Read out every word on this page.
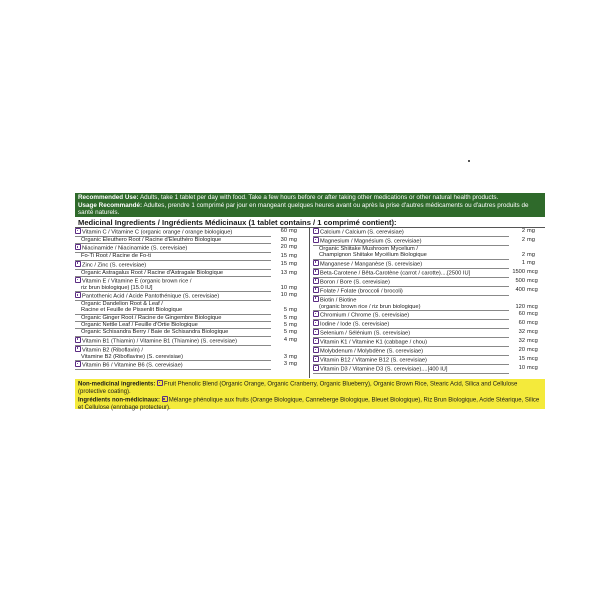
Recommended Use: Adults, take 1 tablet per day with food. Take a few hours before or after taking other medications or other natural health products.
Usage Recommandé: Adultes, prendre 1 comprimé par jour en mangeant quelques heures avant ou après la prise d'autres médicaments ou d'autres produits de santé naturels.
Medicinal Ingredients / Ingrédients Médicinaux (1 tablet contains / 1 comprimé contient):
Vitamin C / Vitamine C (organic orange / orange biologique)	60 mg
Organic Eleuthero Root / Racine d'Éleuthéro Biologique	30 mg
Niacinamide / Niacinamide (S. cerevisiae)	20 mg
Fo-Ti Root / Racine de Fo-ti	15 mg
Zinc / Zinc (S. cerevisiae)	15 mg
Organic Astragalus Root / Racine d'Astragale Biologique	13 mg
Vitamin E / Vitamine E (organic brown rice /
riz brun biologique) [15.0 IU]	10 mg
Pantothenic Acid / Acide Pantothénique (S. cerevisiae)	10 mg
Organic Dandelion Root & Leaf /
Racine et Feuille de Pissenlit Biologique	5 mg
Organic Ginger Root / Racine de Gingembre Biologique	5 mg
Organic Nettle Leaf / Feuille d'Ortie Biologique	5 mg
Organic Schisandra Berry / Baie de Schisandra Biologique	5 mg
Vitamin B1 (Thiamin) / Vitamine B1 (Thiamine) (S. cerevisiae)	4 mg
Vitamin B2 (Riboflavin) /
Vitamine B2 (Riboflavine) (S. cerevisiae)	3 mg
Vitamin B6 / Vitamine B6 (S. cerevisiae)	3 mg
Calcium / Calcium (S. cerevisiae)	2 mg
Magnesium / Magnésium (S. cerevisiae)	2 mg
Organic Shiitake Mushroom Mycelium /
Champignon Shiitake Mycélium Biologique	2 mg
Manganese / Manganèse (S. cerevisiae)	1 mg
Beta-Carotene / Bêta-Carotène (carrot / carotte)....[2500 IU]	1500 mcg
Boron / Bore (S. cerevisiae)	500 mcg
Folate / Folate (broccoli / brocoli)	400 mcg
Biotin / Biotine
(organic brown rice / riz brun biologique)	120 mcg
Chromium / Chrome (S. cerevisiae)	60 mcg
Iodine / Iode (S. cerevisiae)	60 mcg
Selenium / Sélénium (S. cerevisiae)	32 mcg
Vitamin K1 / Vitamine K1 (cabbage / chou)	32 mcg
Molybdenum / Molybdène (S. cerevisiae)	20 mcg
Vitamin B12 / Vitamine B12 (S. cerevisiae)	15 mcg
Vitamin D3 / Vitamine D3 (S. cerevisiae)....[400 IU]	10 mcg
Non-medicinal ingredients: Fruit Phenolic Blend (Organic Orange, Organic Cranberry, Organic Blueberry), Organic Brown Rice, Stearic Acid, Silica and Cellulose (protective coating).
Ingrédients non-médicinaux: Mélange phénolique aux fruits (Orange Biologique, Canneberge Biologique, Bleuet Biologique), Riz Brun Biologique, Acide Stéarique, Silice et Cellulose (enrobage protecteur).
